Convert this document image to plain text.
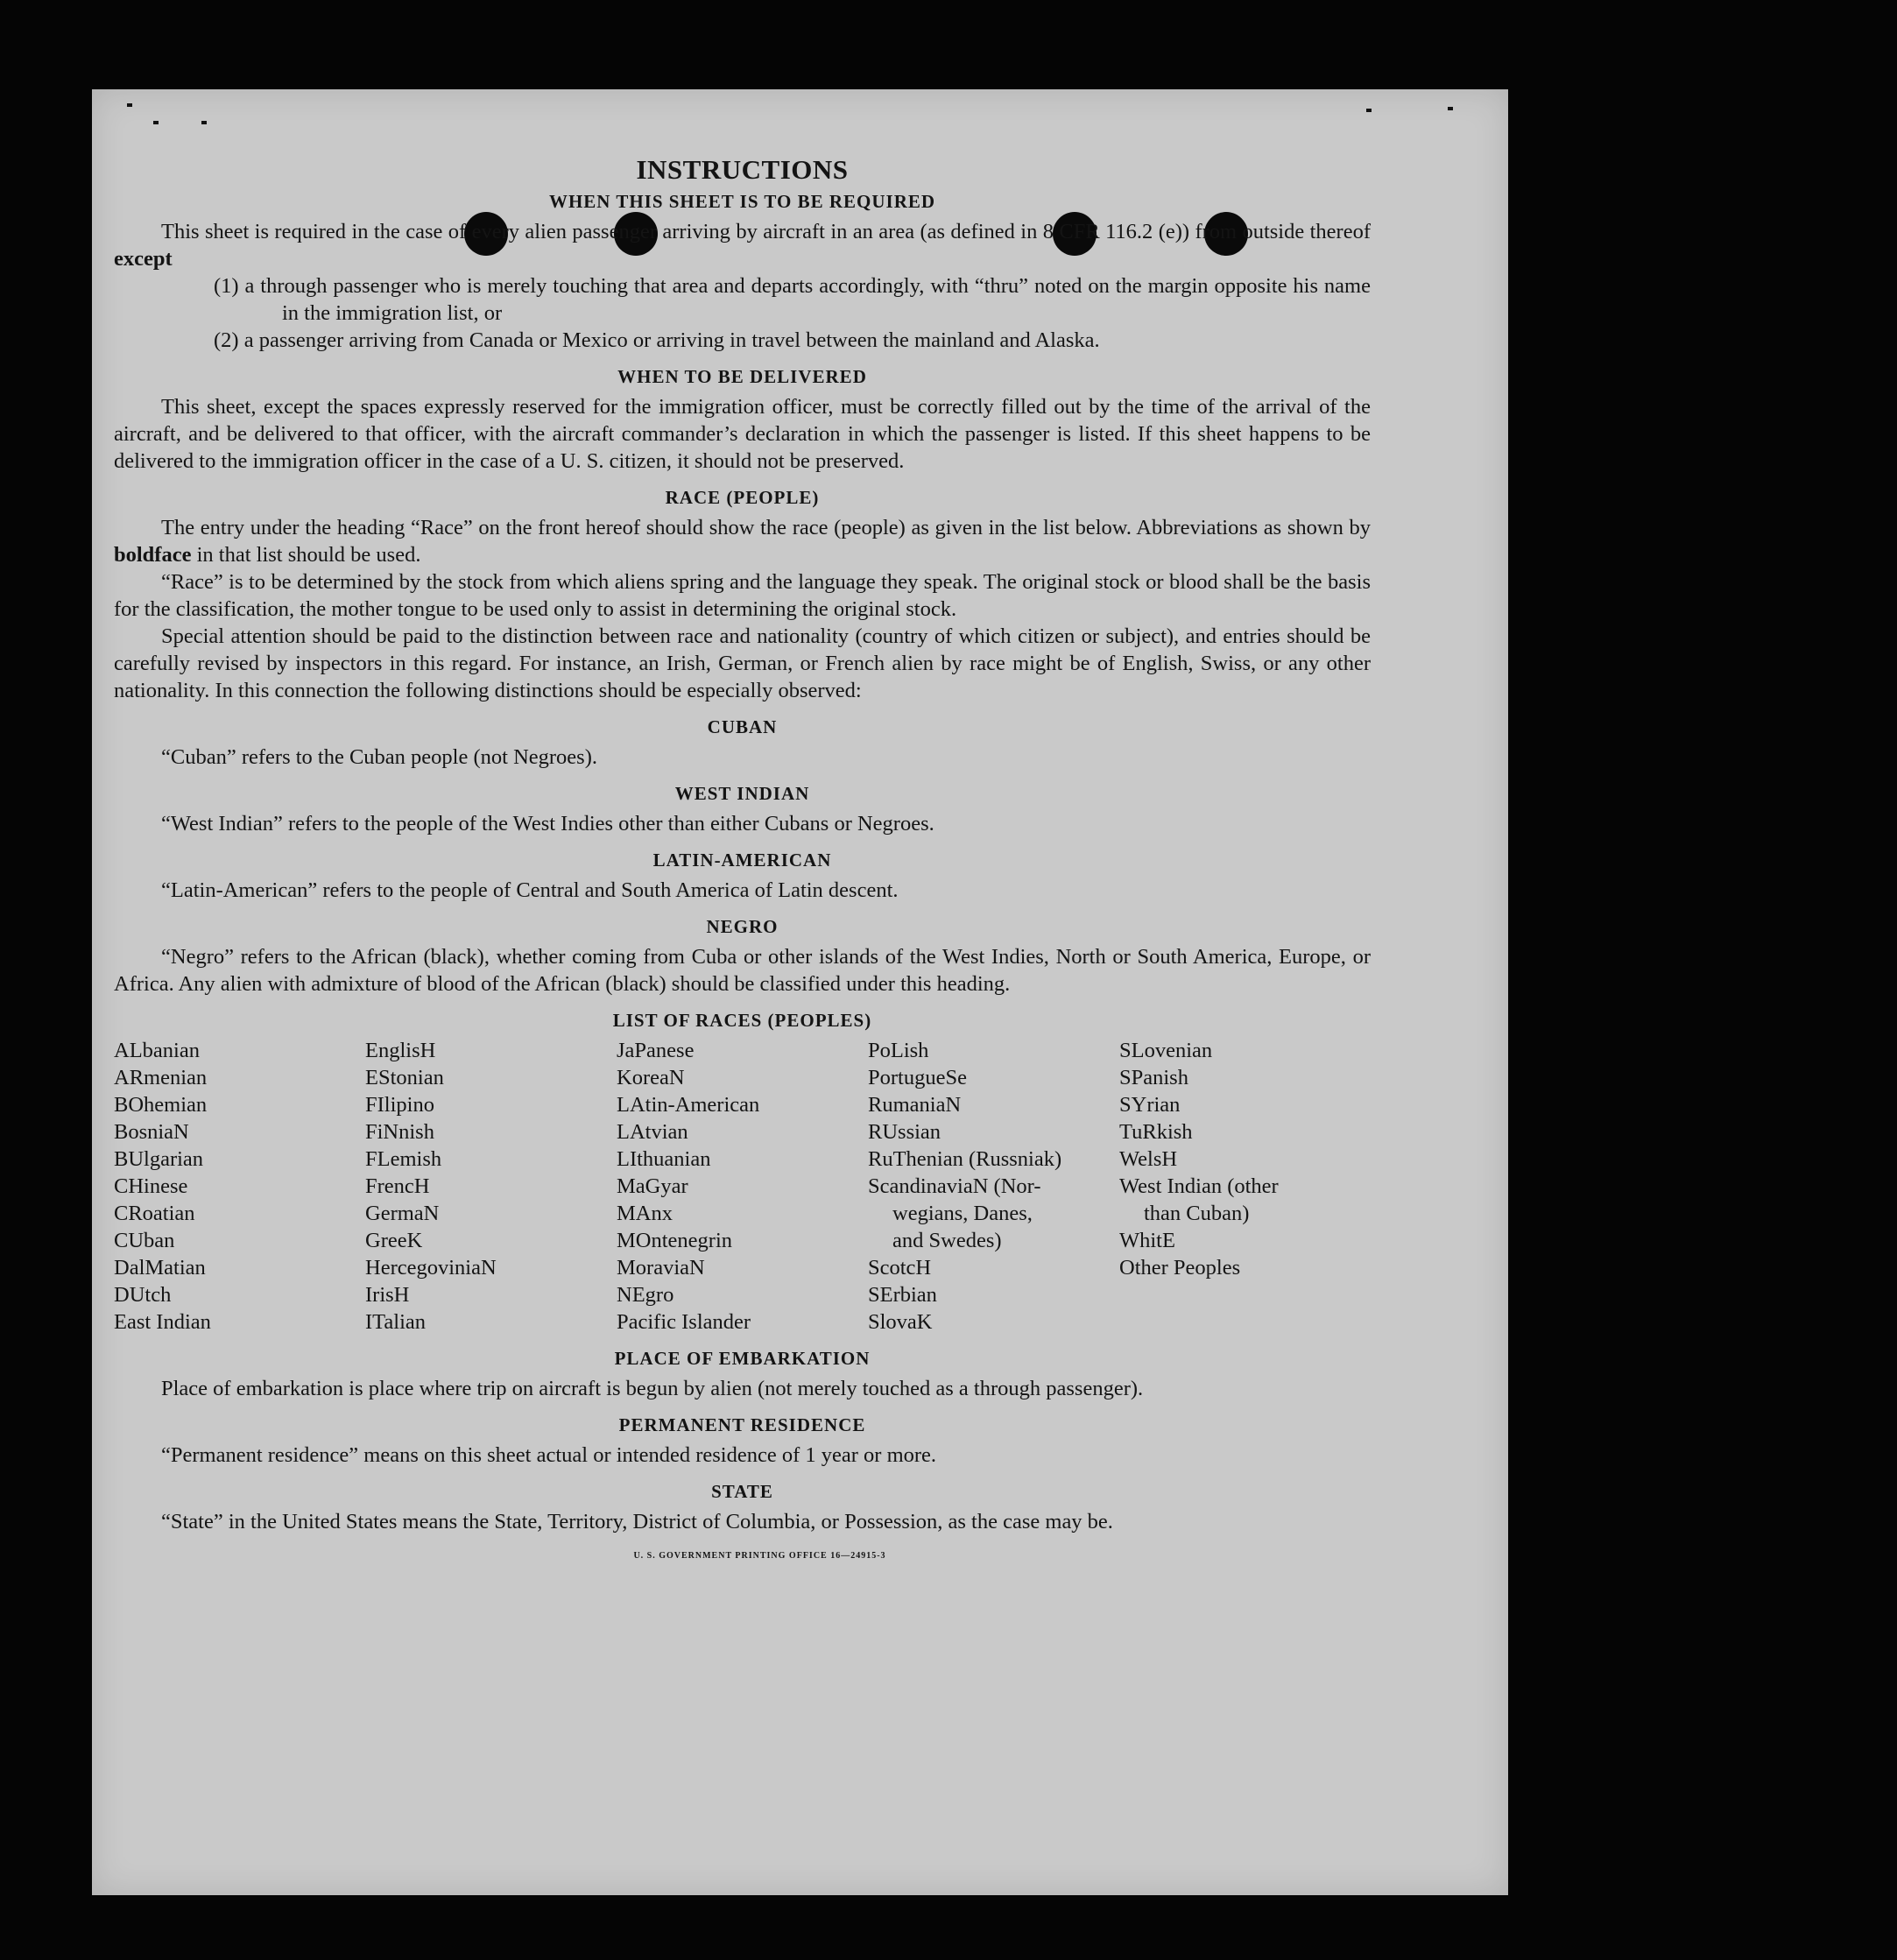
INSTRUCTIONS
WHEN THIS SHEET IS TO BE REQUIRED

This sheet is required in the case of every alien passenger arriving by aircraft in an area (as defined in 8 CFR 116.2 (e)) from outside thereof except

(1) a through passenger who is merely touching that area and departs accordingly, with “thru” noted on the margin opposite his name in the immigration list, or

(2) a passenger arriving from Canada or Mexico or arriving in travel between the mainland and Alaska.

WHEN TO BE DELIVERED

This sheet, except the spaces expressly reserved for the immigration officer, must be correctly filled out by the time of the arrival of the aircraft, and be delivered to that officer, with the aircraft commander’s declaration in which the passenger is listed. If this sheet happens to be delivered to the immigration officer in the case of a U. S. citizen, it should not be preserved.

RACE (PEOPLE)

The entry under the heading “Race” on the front hereof should show the race (people) as given in the list below. Abbreviations as shown by boldface in that list should be used.

“Race” is to be determined by the stock from which aliens spring and the language they speak. The original stock or blood shall be the basis for the classification, the mother tongue to be used only to assist in determining the original stock.

Special attention should be paid to the distinction between race and nationality (country of which citizen or subject), and entries should be carefully revised by inspectors in this regard. For instance, an Irish, German, or French alien by race might be of English, Swiss, or any other nationality. In this connection the following distinctions should be especially observed:

CUBAN

“Cuban” refers to the Cuban people (not Negroes).

WEST INDIAN

“West Indian” refers to the people of the West Indies other than either Cubans or Negroes.

LATIN-AMERICAN

“Latin-American” refers to the people of Central and South America of Latin descent.

NEGRO

“Negro” refers to the African (black), whether coming from Cuba or other islands of the West Indies, North or South America, Europe, or Africa. Any alien with admixture of blood of the African (black) should be classified under this heading.

LIST OF RACES (PEOPLES)
ALbanian
ARmenian
BOhemian
BosniaN
BUlgarian
CHinese
CRoatian
CUban
DalMatian
DUtch
East Indian
EnglisH
EStonian
FIlipino
FiNnish
FLemish
FrencH
GermaN
GreeK
HercegoviniaN
IrisH
ITalian
JaPanese
KoreaN
LAtin-American
LAtvian
LIthuanian
MaGyar
MAnx
MOntenegrin
MoraviaN
NEgro
Pacific Islander
PoLish
PortugueSe
RumaniaN
RUssian
RuThenian (Russniak)
ScandinaviaN (Nor-
wegians, Danes,
and Swedes)
ScotcH
SErbian
SlovaK
SLovenian
SPanish
SYrian
TuRkish
WelsH
West Indian (other
than Cuban)
WhitE
Other Peoples
PLACE OF EMBARKATION

Place of embarkation is place where trip on aircraft is begun by alien (not merely touched as a through passenger).

PERMANENT RESIDENCE

“Permanent residence” means on this sheet actual or intended residence of 1 year or more.

STATE

“State” in the United States means the State, Territory, District of Columbia, or Possession, as the case may be.

U. S. GOVERNMENT PRINTING OFFICE 16—24915-3
